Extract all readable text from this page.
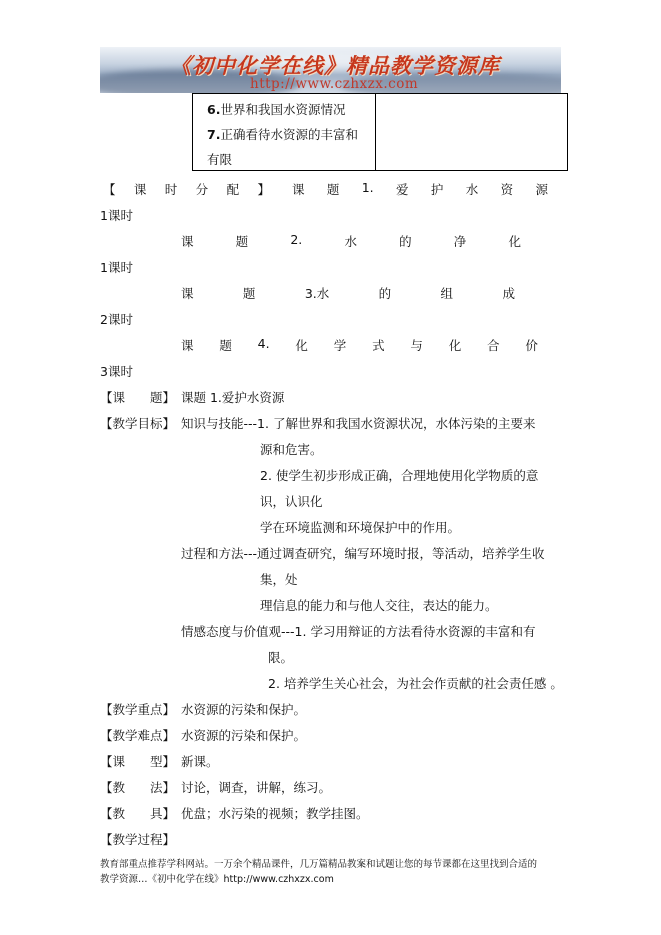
《初中化学在线》精品教学资源库
http://www.czhxzx.com
6.世界和我国水资源情况
7.正确看待水资源的丰富和
有限
【 课 时 分 配 】 课 题 1. 爱 护 水 资 源
1课时
课	题	2.	水	的	净	化
1课时
课	题	3.水	的	组	成
2课时
课 题 4. 化 学 式 与 化 合 价
3课时
【课　　题】 课题 1.爱护水资源
【教学目标】 知识与技能---1. 了解世界和我国水资源状况，水体污染的主要来
源和危害。
2. 使学生初步形成正确，合理地使用化学物质的意
识，认识化
学在环境监测和环境保护中的作用。
过程和方法---通过调查研究，编写环境时报，等活动，培养学生收
集，处
理信息的能力和与他人交往，表达的能力。
情感态度与价值观---1. 学习用辩证的方法看待水资源的丰富和有
限。
2. 培养学生关心社会，为社会作贡献的社会责任感 。
【教学重点】 水资源的污染和保护。
【教学难点】 水资源的污染和保护。
【课　　型】 新课。
【教　　法】 讨论，调查，讲解，练习。
【教　　具】 优盘；水污染的视频；教学挂图。
【教学过程】
教育部重点推荐学科网站。一万余个精品课件，几万篇精品教案和试题让您的每节课都在这里找到合适的
教学资源…《初中化学在线》http://www.czhxzx.com
